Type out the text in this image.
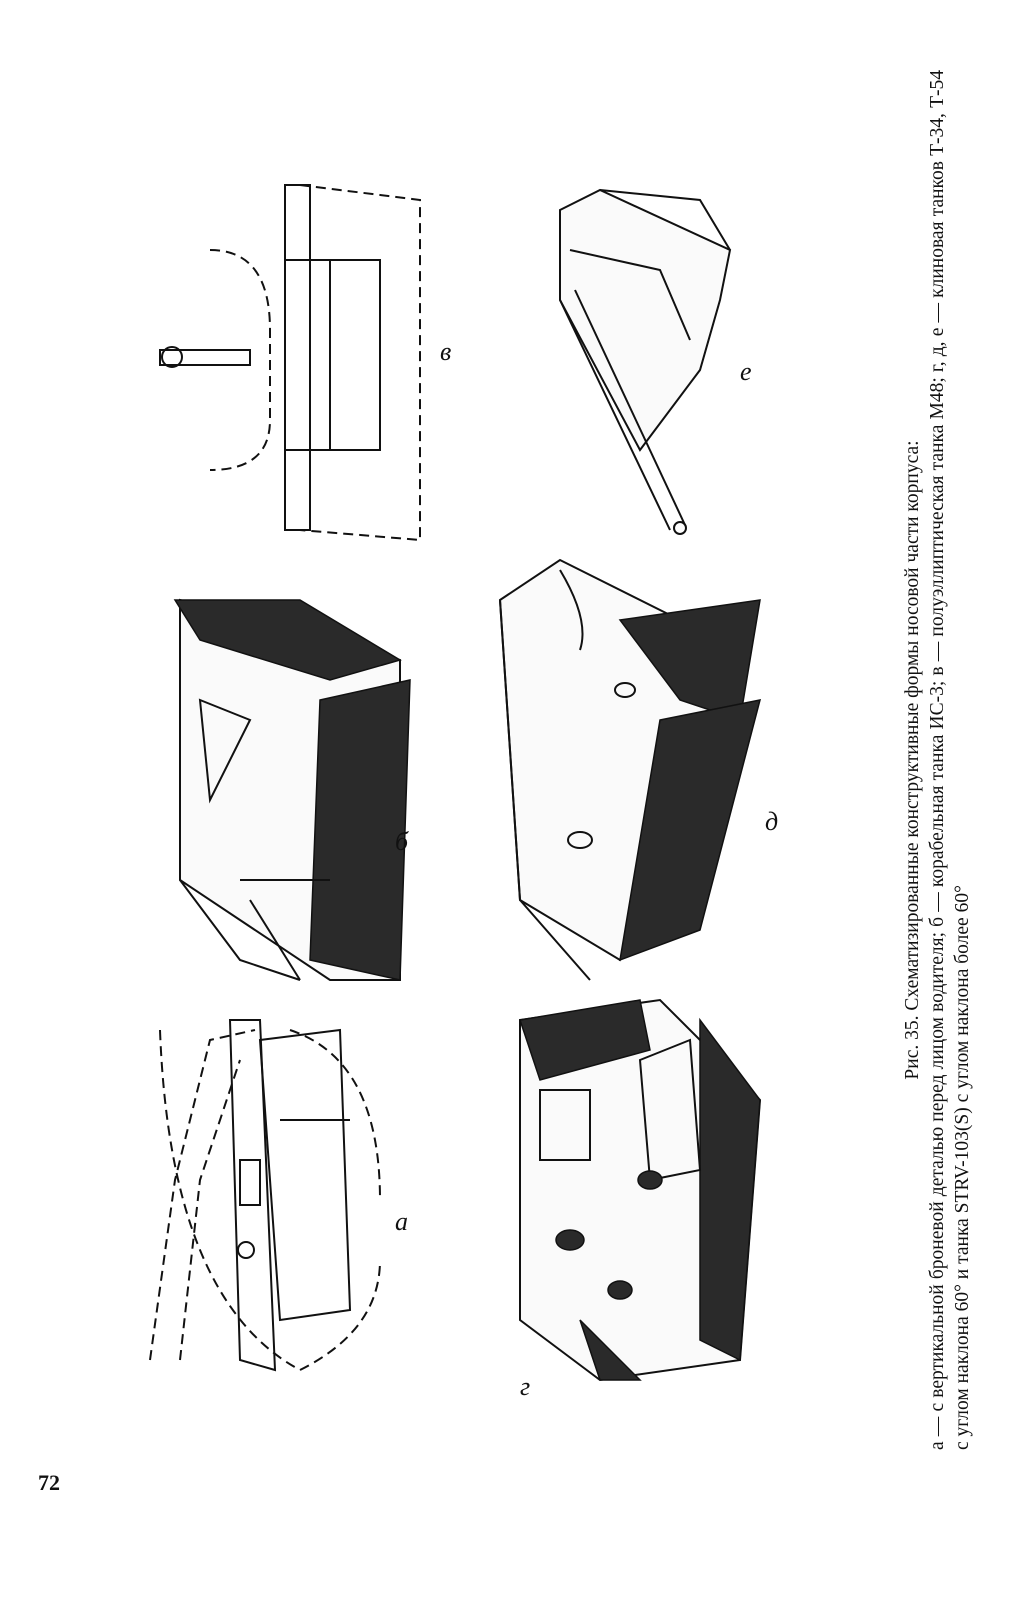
72
а
б
в
г
д
е
Рис. 35. Схематизированные конструктивные формы носовой части корпуса: а — с вертикальной броневой деталью перед лицом водителя; б — корабельная танка ИС-3; в — полуэллиптическая танка М48; г, д, е — клиновая танков Т-34, Т-54 с углом наклона 60° и танка STRV-103(S) с углом наклона более 60°
